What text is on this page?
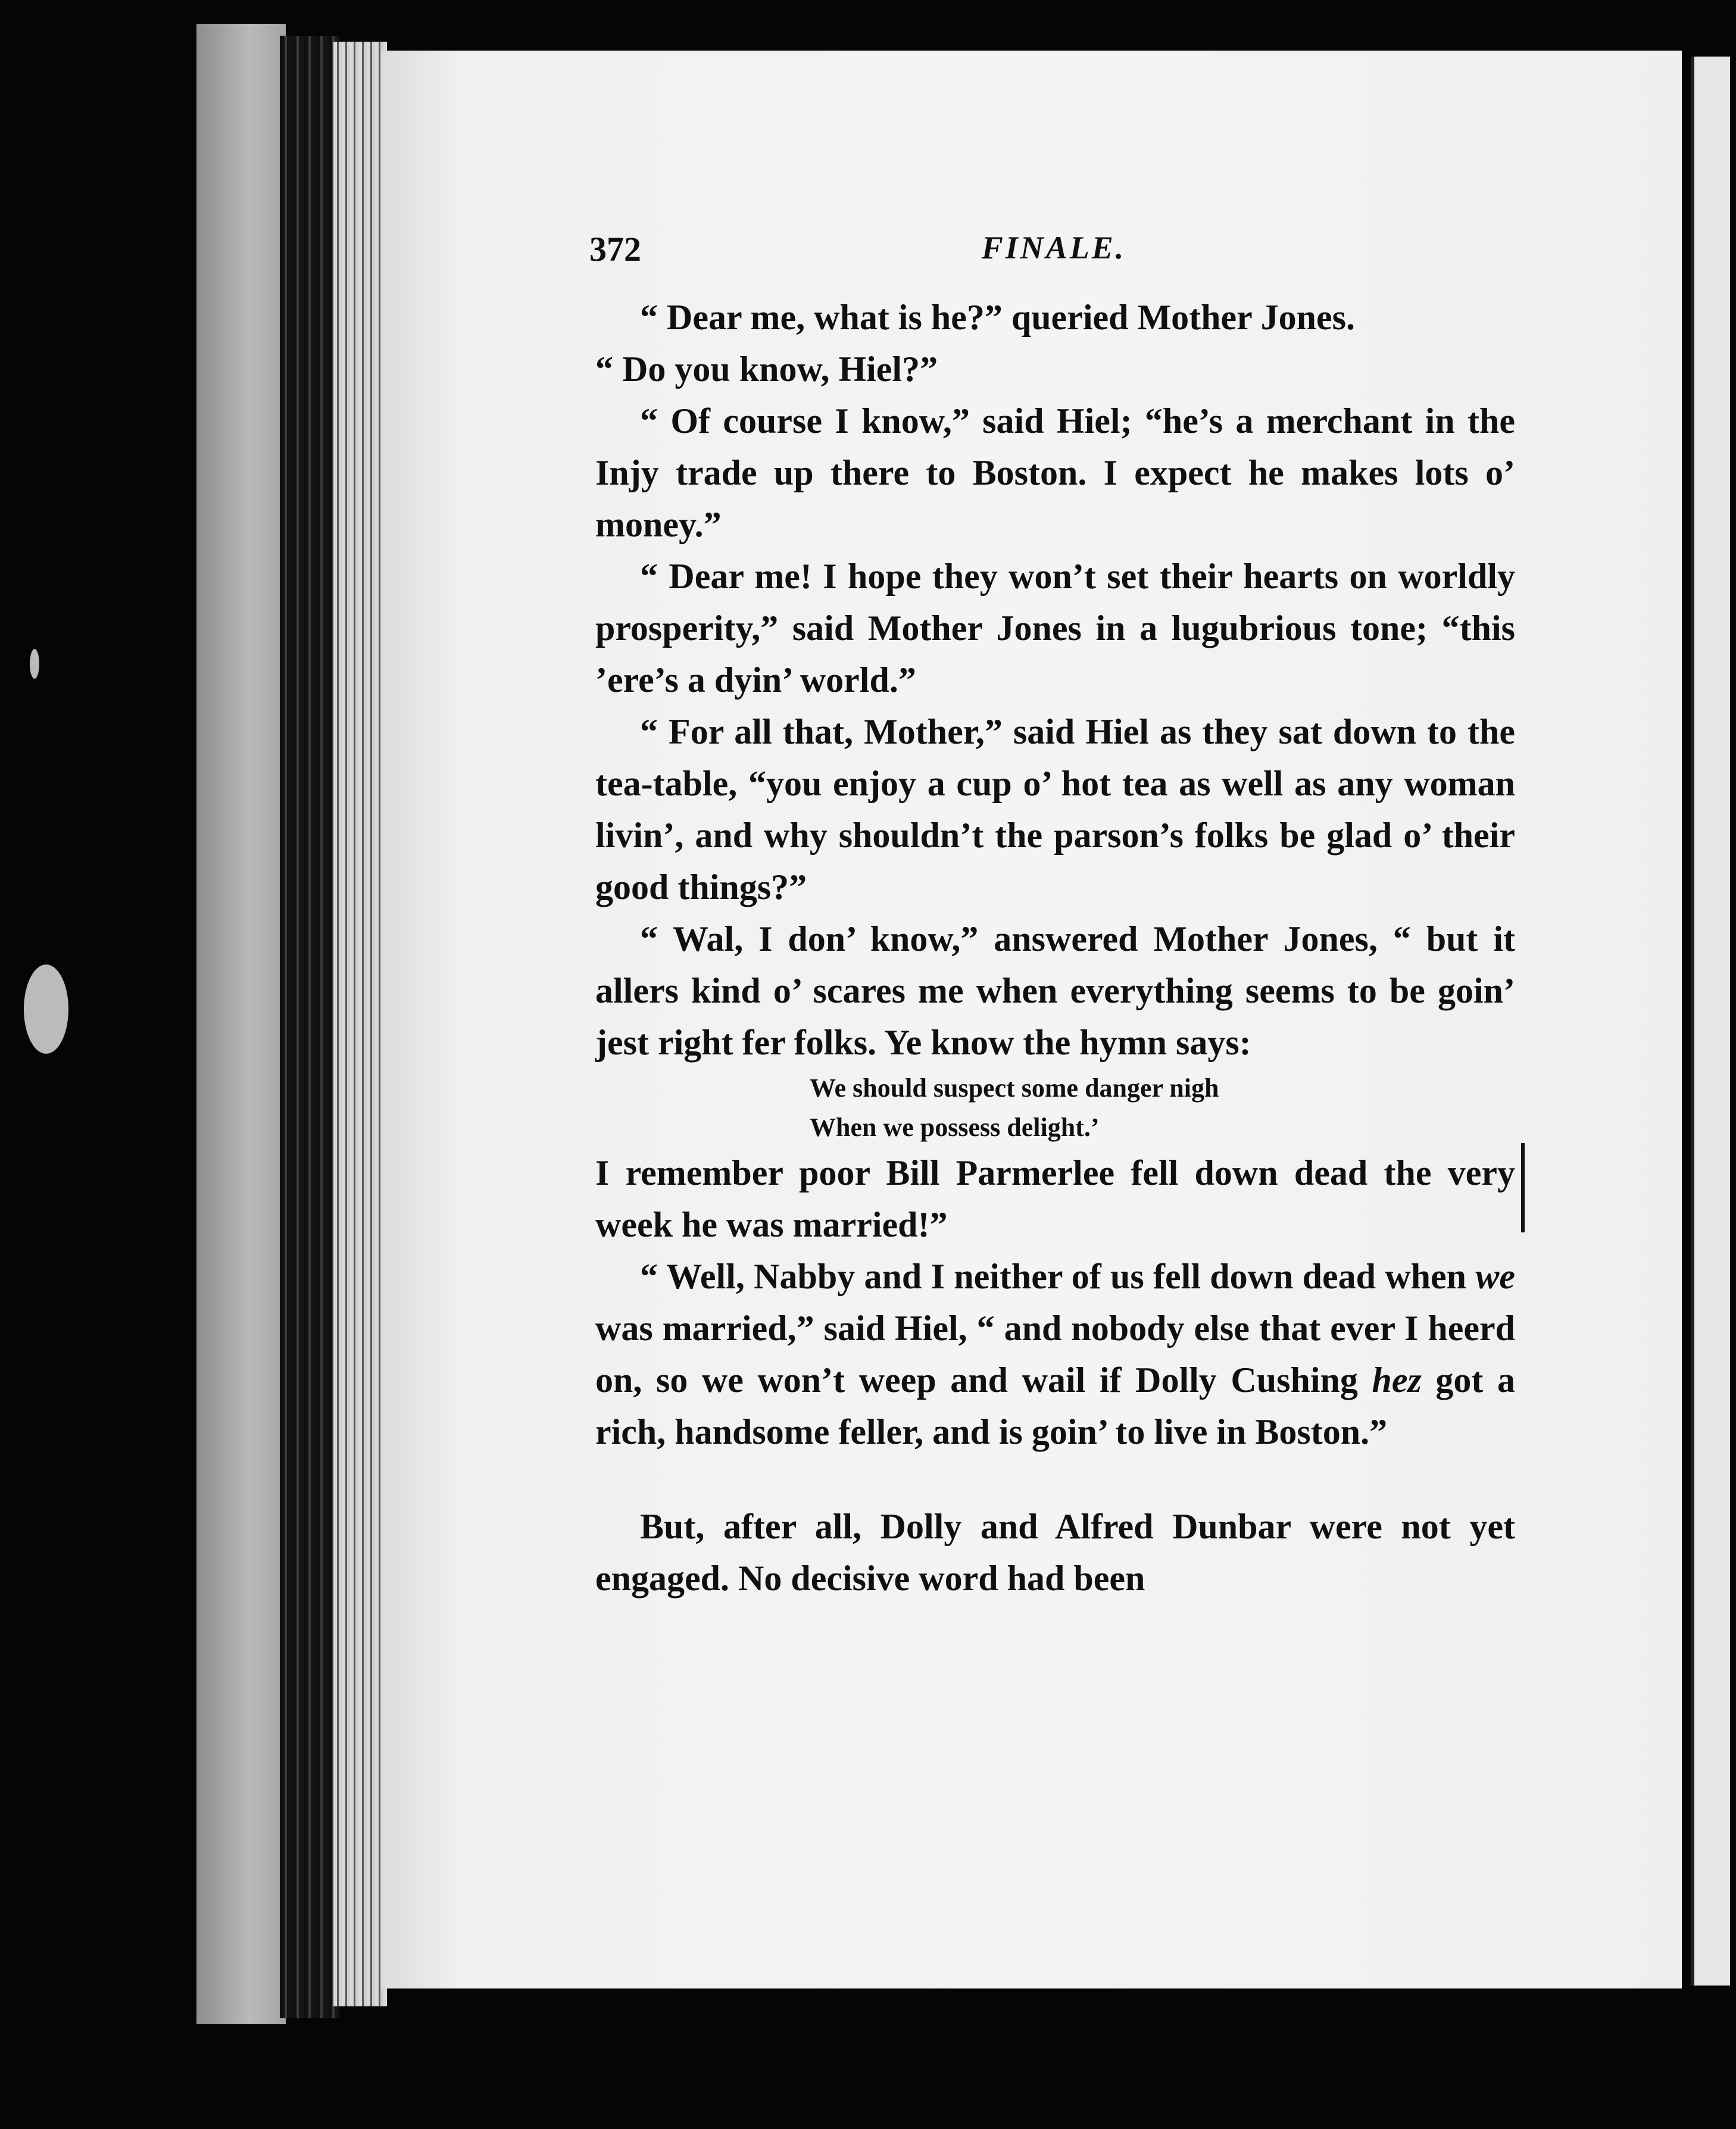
372	FINALE.

“ Dear me, what is he?” queried Mother Jones.

“ Do you know, Hiel?”

“ Of course I know,” said Hiel; “he’s a merchant in the Injy trade up there to Boston. I expect he makes lots o’ money.”

“ Dear me! I hope they won’t set their hearts on worldly prosperity,” said Mother Jones in a lugubrious tone; “this ’ere’s a dyin’ world.”

“ For all that, Mother,” said Hiel as they sat down to the tea-table, “you enjoy a cup o’ hot tea as well as any woman livin’, and why shouldn’t the parson’s folks be glad o’ their good things?”

“ Wal, I don’ know,” answered Mother Jones, “ but it allers kind o’ scares me when everything seems to be goin’ jest right fer folks. Ye know the hymn says:

We should suspect some danger nigh
When we possess delight.’

I remember poor Bill Parmerlee fell down dead the very week he was married!”

“ Well, Nabby and I neither of us fell down dead when we was married,” said Hiel, “ and nobody else that ever I heerd on, so we won’t weep and wail if Dolly Cushing hez got a rich, handsome feller, and is goin’ to live in Boston.”

But, after all, Dolly and Alfred Dunbar were not yet engaged. No decisive word had been
